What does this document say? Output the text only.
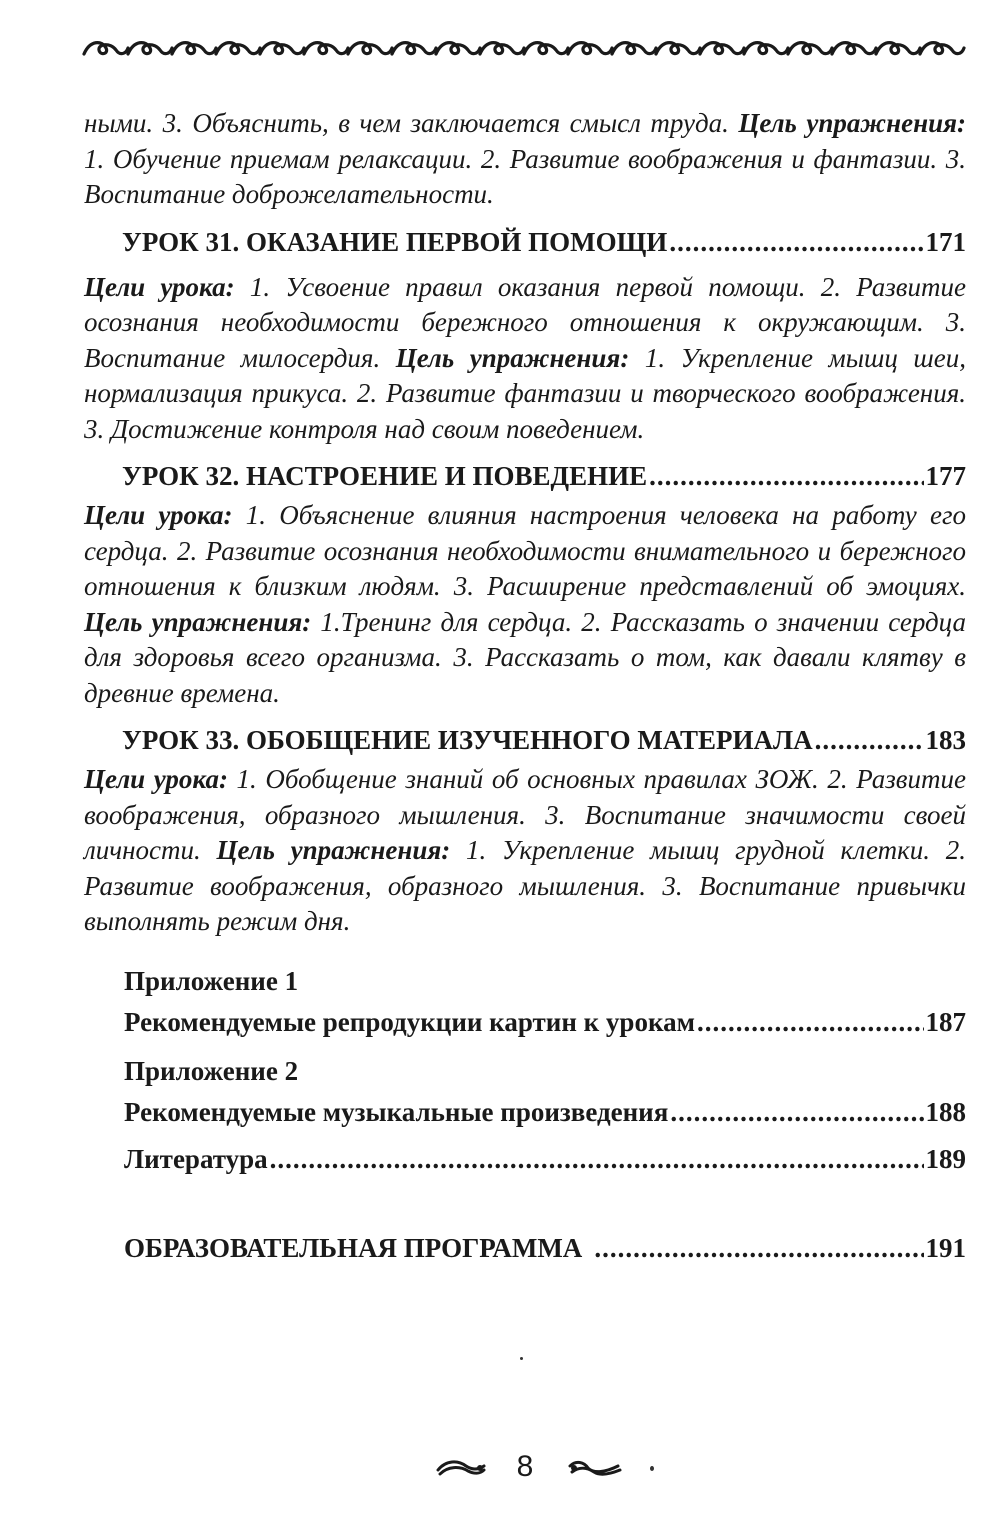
ными. 3. Объяснить, в чем заключается смысл труда. Цель упражнения: 1. Обучение приемам релаксации. 2. Развитие воображения и фантазии. 3. Воспитание доброжелательности.

УРОК 31. ОКАЗАНИЕ ПЕРВОЙ ПОМОЩИ .....	171

Цели урока: 1. Усвоение правил оказания первой помощи. 2. Развитие осознания необходимости бережного отношения к окружающим. 3. Воспитание милосердия. Цель упражнения: 1. Укрепление мышц шеи, нормализация прикуса. 2. Развитие фантазии и творческого воображения. 3. Достижение контроля над своим поведением.

УРОК 32. НАСТРОЕНИЕ И ПОВЕДЕНИЕ .....	177

Цели урока: 1. Объяснение влияния настроения человека на работу его сердца. 2. Развитие осознания необходимости внимательного и бережного отношения к близким людям. 3. Расширение представлений об эмоциях. Цель упражнения: 1.Тренинг для сердца. 2. Рассказать о значении сердца для здоровья всего организма. 3. Рассказать о том, как давали клятву в древние времена.

УРОК 33. ОБОБЩЕНИЕ ИЗУЧЕННОГО МАТЕРИАЛА .....	183

Цели урока: 1. Обобщение знаний об основных правилах ЗОЖ. 2. Развитие воображения, образного мышления. 3. Воспитание значимости своей личности. Цель упражнения: 1. Укрепление мышц грудной клетки. 2. Развитие воображения, образного мышления. 3. Воспитание привычки выполнять режим дня.

Приложение 1
Рекомендуемые репродукции картин к урокам .....	187
Приложение 2
Рекомендуемые музыкальные произведения .....	188
Литература .....	189
ОБРАЗОВАТЕЛЬНАЯ ПРОГРАММА .....	191
8
